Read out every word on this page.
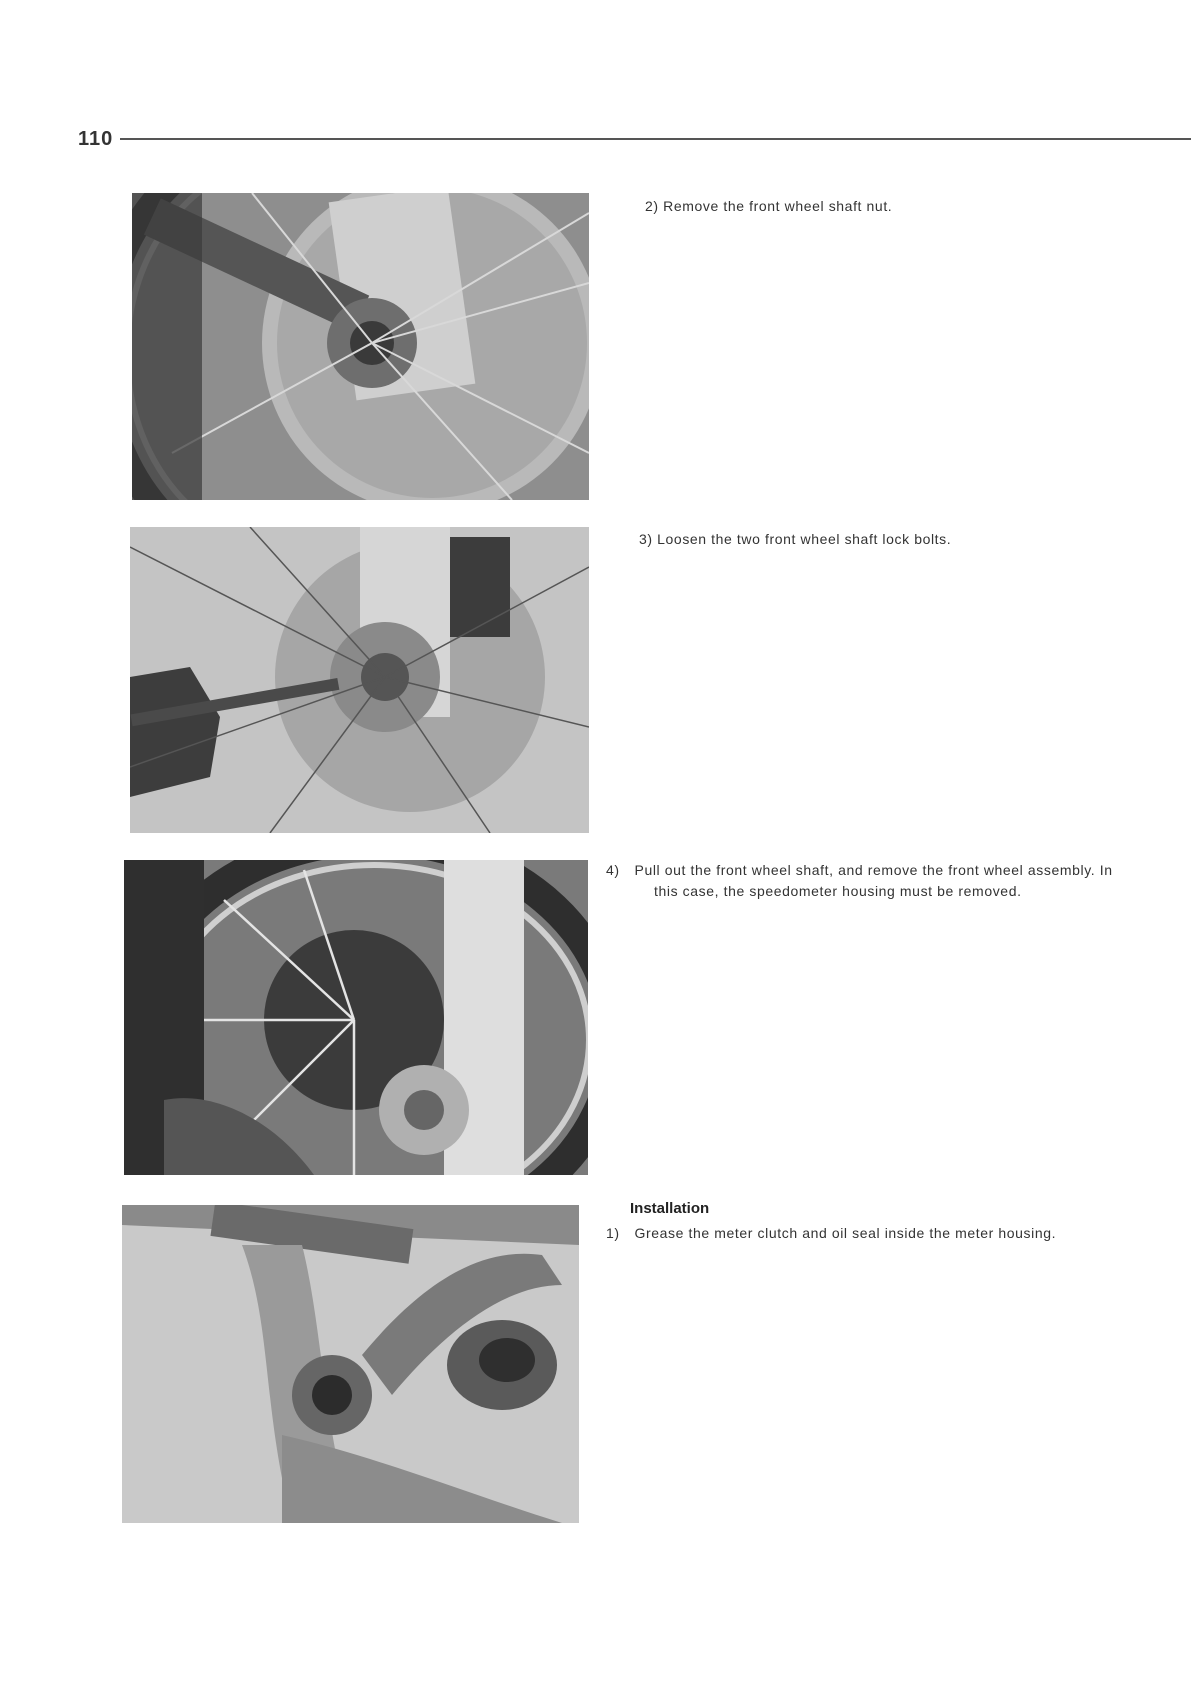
110
2) Remove the front wheel shaft nut.
3) Loosen the two front wheel shaft lock bolts.
4) Pull out the front wheel shaft, and remove the front wheel assembly. In this case, the speedometer housing must be removed.
Installation
1) Grease the meter clutch and oil seal inside the meter housing.
